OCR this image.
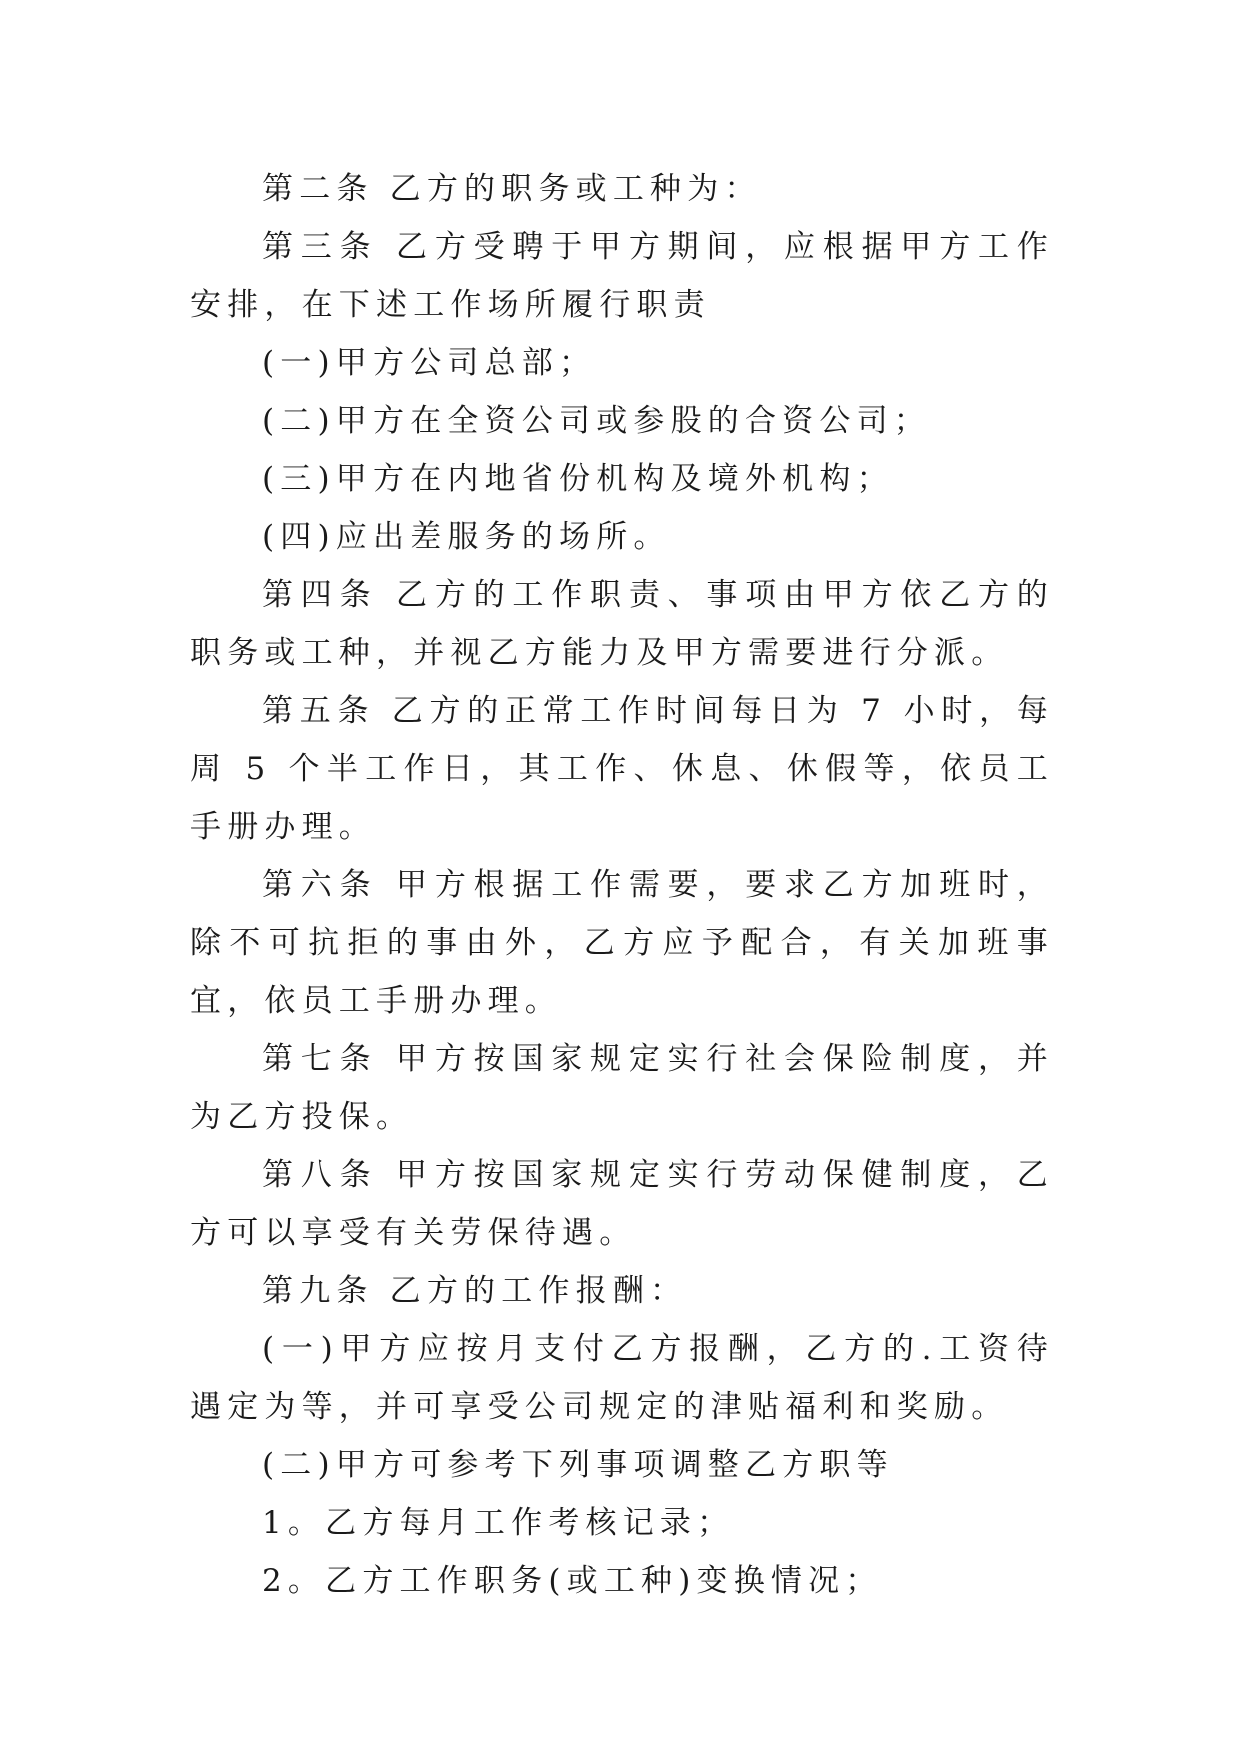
第二条 乙方的职务或工种为：

第三条 乙方受聘于甲方期间，应根据甲方工作安排，在下述工作场所履行职责

(一)甲方公司总部；

(二)甲方在全资公司或参股的合资公司；

(三)甲方在内地省份机构及境外机构；

(四)应出差服务的场所。

第四条 乙方的工作职责、事项由甲方依乙方的职务或工种，并视乙方能力及甲方需要进行分派。

第五条 乙方的正常工作时间每日为 7 小时，每周 5 个半工作日，其工作、休息、休假等，依员工手册办理。

第六条 甲方根据工作需要，要求乙方加班时，除不可抗拒的事由外，乙方应予配合，有关加班事宜，依员工手册办理。

第七条 甲方按国家规定实行社会保险制度，并为乙方投保。

第八条 甲方按国家规定实行劳动保健制度，乙方可以享受有关劳保待遇。

第九条 乙方的工作报酬：

(一)甲方应按月支付乙方报酬，乙方的.工资待遇定为等，并可享受公司规定的津贴福利和奖励。

(二)甲方可参考下列事项调整乙方职等

1。乙方每月工作考核记录；

2。乙方工作职务(或工种)变换情况；
